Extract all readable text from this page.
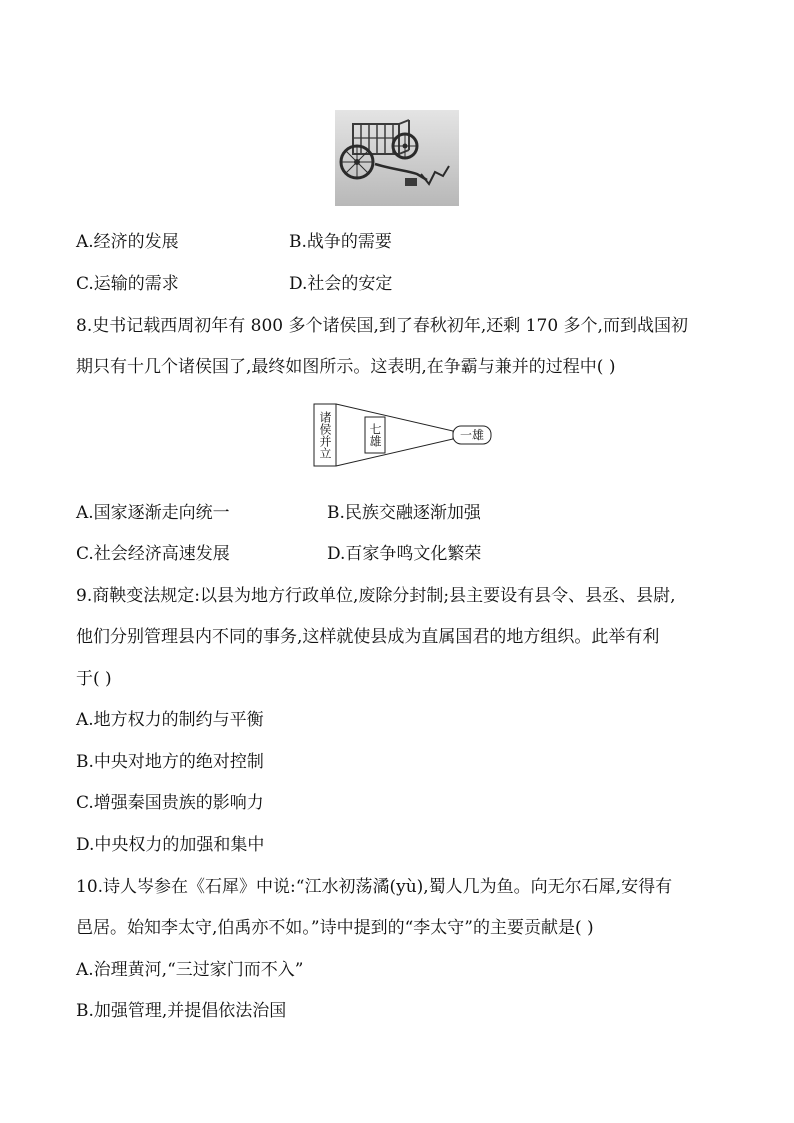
A.经济的发展	B.战争的需要
C.运输的需求	D.社会的安定
8.史书记载西周初年有 800 多个诸侯国,到了春秋初年,还剩 170 多个,而到战国初
期只有十几个诸侯国了,最终如图所示。这表明,在争霸与兼并的过程中( )
诸侯并立	七雄	一雄
A.国家逐渐走向统一	B.民族交融逐渐加强
C.社会经济高速发展	D.百家争鸣文化繁荣
9.商鞅变法规定:以县为地方行政单位,废除分封制;县主要设有县令、县丞、县尉,
他们分别管理县内不同的事务,这样就使县成为直属国君的地方组织。此举有利
于( )
A.地方权力的制约与平衡
B.中央对地方的绝对控制
C.增强秦国贵族的影响力
D.中央权力的加强和集中
10.诗人岑参在《石犀》中说:“江水初荡潏(yù),蜀人几为鱼。向无尔石犀,安得有
邑居。始知李太守,伯禹亦不如。”诗中提到的“李太守”的主要贡献是( )
A.治理黄河,“三过家门而不入”
B.加强管理,并提倡依法治国
